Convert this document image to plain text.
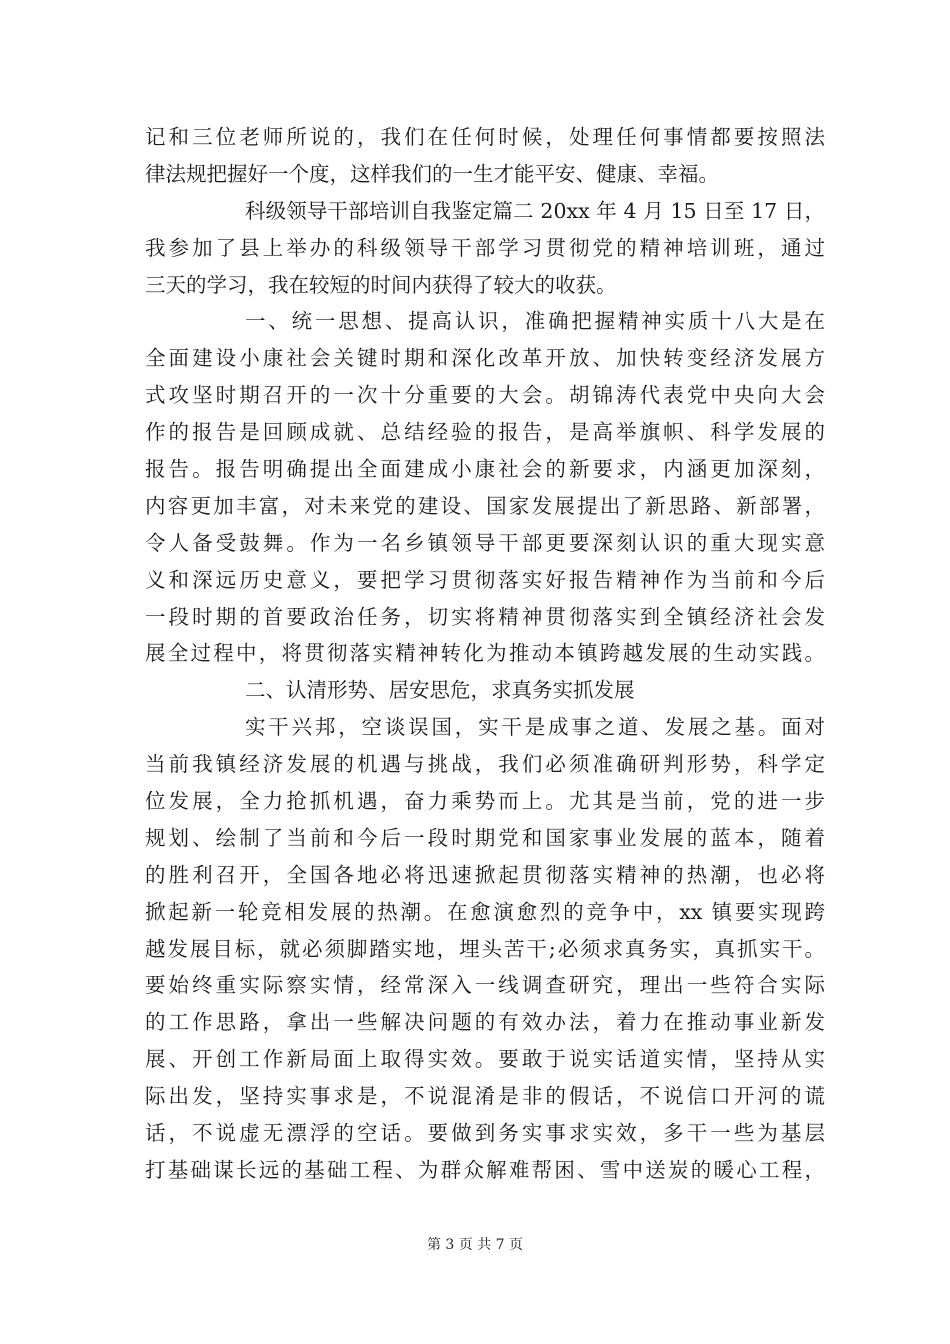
记和三位老师所说的，我们在任何时候，处理任何事情都要按照法
律法规把握好一个度，这样我们的一生才能平安、健康、幸福。
科级领导干部培训自我鉴定篇二 20xx 年 4 月 15 日至 17 日，
我参加了县上举办的科级领导干部学习贯彻党的精神培训班，通过
三天的学习，我在较短的时间内获得了较大的收获。
一、统一思想、提高认识，准确把握精神实质十八大是在
全面建设小康社会关键时期和深化改革开放、加快转变经济发展方
式攻坚时期召开的一次十分重要的大会。胡锦涛代表党中央向大会
作的报告是回顾成就、总结经验的报告，是高举旗帜、科学发展的
报告。报告明确提出全面建成小康社会的新要求，内涵更加深刻，
内容更加丰富，对未来党的建设、国家发展提出了新思路、新部署，
令人备受鼓舞。作为一名乡镇领导干部更要深刻认识的重大现实意
义和深远历史意义，要把学习贯彻落实好报告精神作为当前和今后
一段时期的首要政治任务，切实将精神贯彻落实到全镇经济社会发
展全过程中，将贯彻落实精神转化为推动本镇跨越发展的生动实践。
二、认清形势、居安思危，求真务实抓发展
实干兴邦，空谈误国，实干是成事之道、发展之基。面对
当前我镇经济发展的机遇与挑战，我们必须准确研判形势，科学定
位发展，全力抢抓机遇，奋力乘势而上。尤其是当前，党的进一步
规划、绘制了当前和今后一段时期党和国家事业发展的蓝本，随着
的胜利召开，全国各地必将迅速掀起贯彻落实精神的热潮，也必将
掀起新一轮竞相发展的热潮。在愈演愈烈的竞争中，xx 镇要实现跨
越发展目标，就必须脚踏实地，埋头苦干;必须求真务实，真抓实干。
要始终重实际察实情，经常深入一线调查研究，理出一些符合实际
的工作思路，拿出一些解决问题的有效办法，着力在推动事业新发
展、开创工作新局面上取得实效。要敢于说实话道实情，坚持从实
际出发，坚持实事求是，不说混淆是非的假话，不说信口开河的谎
话，不说虚无漂浮的空话。要做到务实事求实效，多干一些为基层
打基础谋长远的基础工程、为群众解难帮困、雪中送炭的暖心工程，
第 3 页 共 7 页
